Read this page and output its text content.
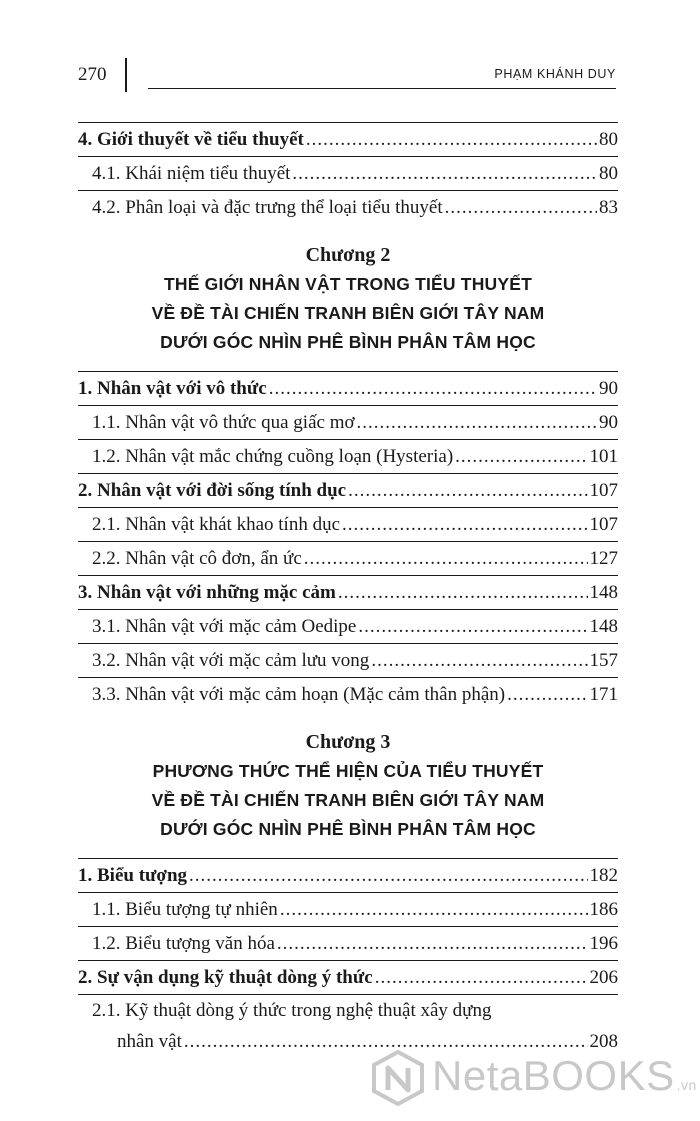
270	PHẠM KHÁNH DUY
4. Giới thuyết về tiểu thuyết .....	80
4.1. Khái niệm tiểu thuyết .....	80
4.2. Phân loại và đặc trưng thể loại tiểu thuyết .....	83
Chương 2
THẾ GIỚI NHÂN VẬT TRONG TIỂU THUYẾT
VỀ ĐỀ TÀI CHIẾN TRANH BIÊN GIỚI TÂY NAM
DƯỚI GÓC NHÌN PHÊ BÌNH PHÂN TÂM HỌC
1. Nhân vật với vô thức .....	90
1.1. Nhân vật vô thức qua giấc mơ .....	90
1.2. Nhân vật mắc chứng cuồng loạn (Hysteria) .....	101
2. Nhân vật với đời sống tính dục .....	107
2.1. Nhân vật khát khao tính dục .....	107
2.2. Nhân vật cô đơn, ẩn ức .....	127
3. Nhân vật với những mặc cảm .....	148
3.1. Nhân vật với mặc cảm Oedipe .....	148
3.2. Nhân vật với mặc cảm lưu vong .....	157
3.3. Nhân vật với mặc cảm hoạn (Mặc cảm thân phận) .....	171
Chương 3
PHƯƠNG THỨC THỂ HIỆN CỦA TIỂU THUYẾT
VỀ ĐỀ TÀI CHIẾN TRANH BIÊN GIỚI TÂY NAM
DƯỚI GÓC NHÌN PHÊ BÌNH PHÂN TÂM HỌC
1. Biểu tượng .....	182
1.1. Biểu tượng tự nhiên .....	186
1.2. Biểu tượng văn hóa .....	196
2. Sự vận dụng kỹ thuật dòng ý thức .....	206
2.1. Kỹ thuật dòng ý thức trong nghệ thuật xây dựng
nhân vật .....	208
NetaBOOKS .vn
